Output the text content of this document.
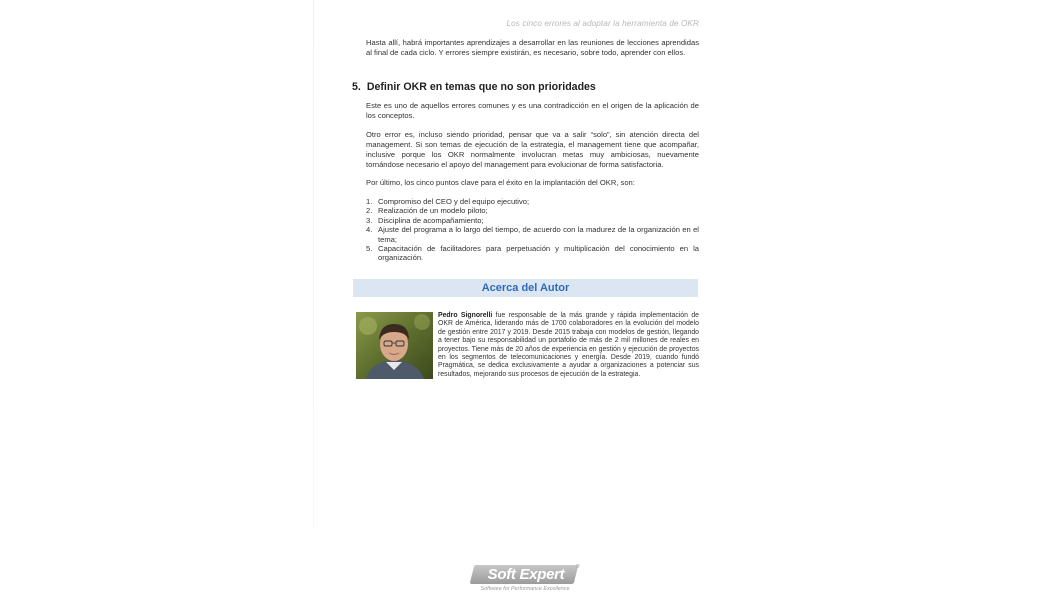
Los cinco errores al adoptar la herramienta de OKR

Hasta allí, habrá importantes aprendizajes a desarrollar en las reuniones de lecciones aprendidas al final de cada ciclo. Y errores siempre existirán, es necesario, sobre todo, aprender con ellos.

5. Definir OKR en temas que no son prioridades

Este es uno de aquellos errores comunes y es una contradicción en el origen de la aplicación de los conceptos.

Otro error es, incluso siendo prioridad, pensar que va a salir “solo”, sin atención directa del management. Si son temas de ejecución de la estrategia, el management tiene que acompañar, inclusive porque los OKR normalmente involucran metas muy ambiciosas, nuevamente tornándose necesario el apoyo del management para evolucionar de forma satisfactoria.

Por último, los cinco puntos clave para el éxito en la implantación del OKR, son:

1. Compromiso del CEO y del equipo ejecutivo;
2. Realización de un modelo piloto;
3. Disciplina de acompañamiento;
4. Ajuste del programa a lo largo del tiempo, de acuerdo con la madurez de la organización en el tema;
5. Capacitación de facilitadores para perpetuación y multiplicación del conocimiento en la organización.
Acerca del Autor

Pedro Signorelli fue responsable de la más grande y rápida implementación de OKR de América, liderando más de 1700 colaboradores en la evolución del modelo de gestión entre 2017 y 2019. Desde 2015 trabaja con modelos de gestión, llegando a tener bajo su responsabilidad un portafolio de más de 2 mil millones de reales en proyectos. Tiene más de 20 años de experiencia en gestión y ejecución de proyectos en los segmentos de telecomunicaciones y energía. Desde 2019, cuando fundó Pragmática, se dedica exclusivamente a ayudar a organizaciones a potenciar sus resultados, mejorando sus procesos de ejecución de la estrategia.

Soft Expert	®
Software for Performance Excellence
